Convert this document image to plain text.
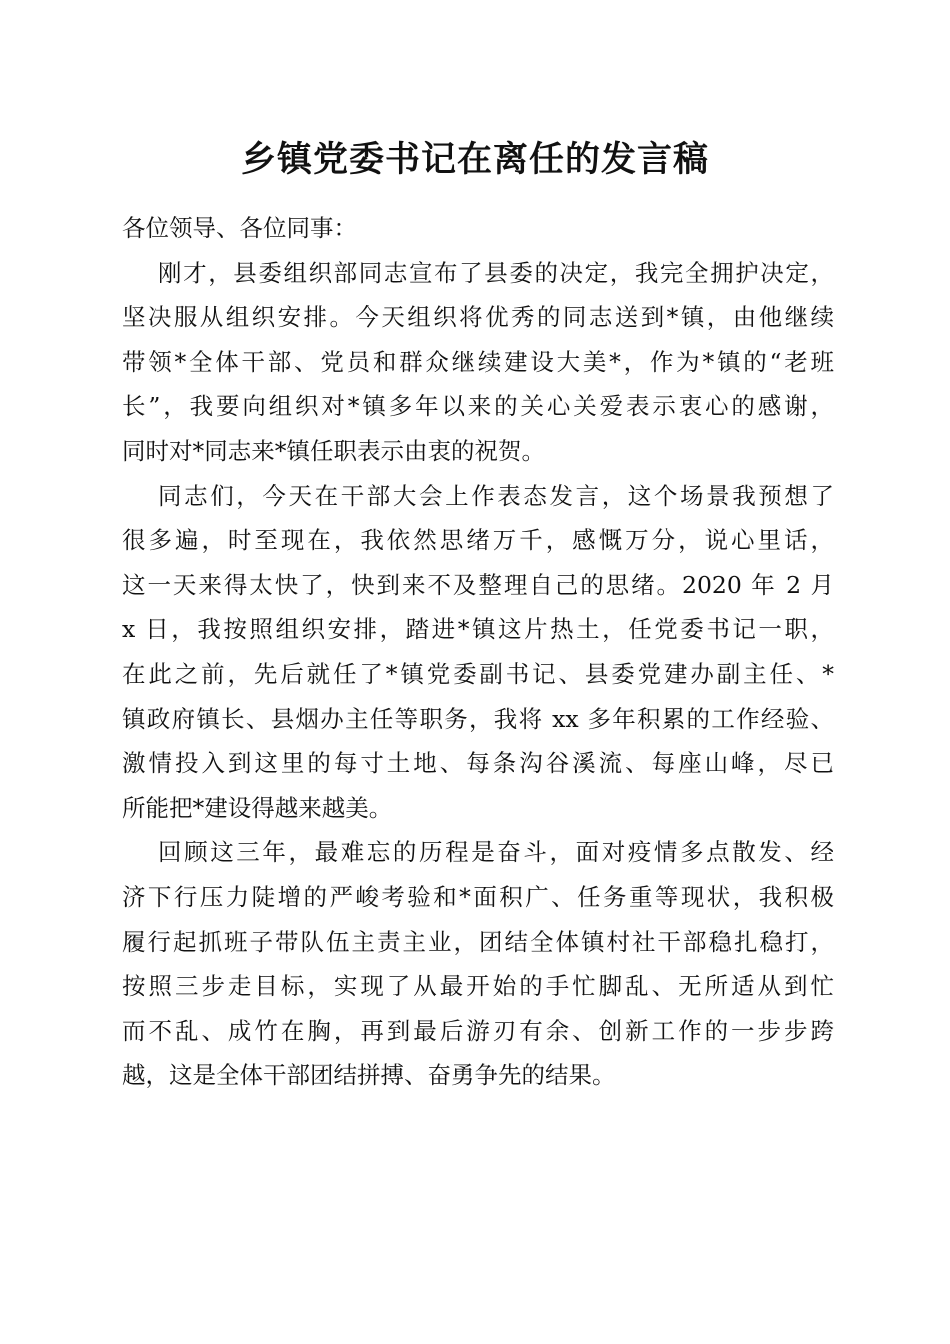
乡镇党委书记在离任的发言稿

各位领导、各位同事：

刚才，县委组织部同志宣布了县委的决定，我完全拥护决定，
坚决服从组织安排。今天组织将优秀的同志送到*镇，由他继续
带领*全体干部、党员和群众继续建设大美*，作为*镇的“老班
长”，我要向组织对*镇多年以来的关心关爱表示衷心的感谢，
同时对*同志来*镇任职表示由衷的祝贺。

同志们，今天在干部大会上作表态发言，这个场景我预想了
很多遍，时至现在，我依然思绪万千，感慨万分，说心里话，
这一天来得太快了，快到来不及整理自己的思绪。2020 年 2 月
x 日，我按照组织安排，踏进*镇这片热土，任党委书记一职，
在此之前，先后就任了*镇党委副书记、县委党建办副主任、*
镇政府镇长、县烟办主任等职务，我将 xx 多年积累的工作经验、
激情投入到这里的每寸土地、每条沟谷溪流、每座山峰，尽已
所能把*建设得越来越美。

回顾这三年，最难忘的历程是奋斗，面对疫情多点散发、经
济下行压力陡增的严峻考验和*面积广、任务重等现状，我积极
履行起抓班子带队伍主责主业，团结全体镇村社干部稳扎稳打，
按照三步走目标，实现了从最开始的手忙脚乱、无所适从到忙
而不乱、成竹在胸，再到最后游刃有余、创新工作的一步步跨
越，这是全体干部团结拼搏、奋勇争先的结果。
